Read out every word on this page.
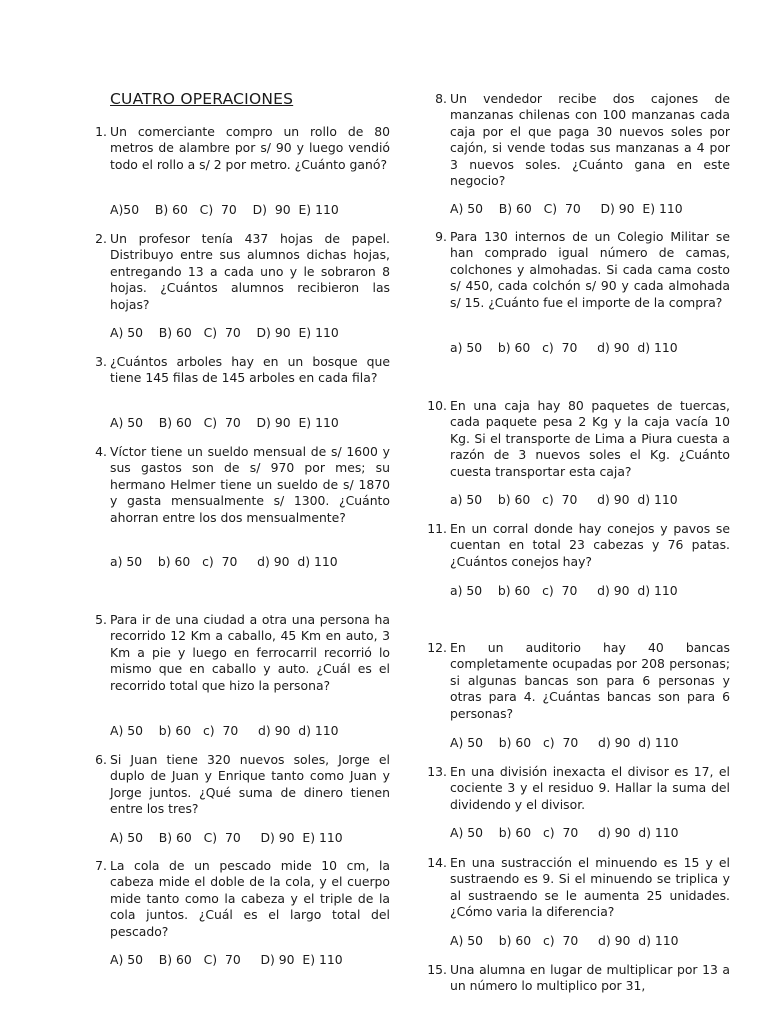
CUATRO OPERACIONES
1. Un comerciante compro un rollo de 80 metros de alambre por s/ 90 y luego vendió todo el rollo a s/ 2 por metro. ¿Cuánto ganó?
A)50    B) 60   C)  70    D)  90  E) 110
2. Un profesor tenía 437 hojas de papel. Distribuyo entre sus alumnos dichas hojas, entregando 13 a cada uno y le sobraron 8 hojas. ¿Cuántos alumnos recibieron las hojas?
A) 50    B) 60   C)  70    D) 90  E) 110
3. ¿Cuántos arboles hay en un bosque que tiene 145 filas de 145 arboles en cada fila?
A) 50    B) 60   C)  70    D) 90  E) 110
4. Víctor tiene un sueldo mensual de s/ 1600 y sus gastos son de s/ 970 por mes; su hermano Helmer tiene un sueldo de s/ 1870 y gasta mensualmente s/ 1300. ¿Cuánto ahorran entre los dos mensualmente?
a) 50    b) 60   c)  70     d) 90  d) 110
5. Para ir de una ciudad a otra una persona ha recorrido 12 Km a caballo, 45 Km en auto, 3 Km a pie y luego en ferrocarril recorrió lo mismo que en caballo y auto. ¿Cuál es el recorrido total que hizo la persona?
A) 50    b) 60   c)  70     d) 90  d) 110
6. Si Juan tiene 320 nuevos soles, Jorge el duplo de Juan y Enrique tanto como Juan y Jorge juntos. ¿Qué suma de dinero tienen entre los tres?
A) 50    B) 60   C)  70     D) 90  E) 110
7. La cola de un pescado mide 10 cm, la cabeza mide el doble de la cola, y el cuerpo mide tanto como la cabeza y el triple de la cola juntos. ¿Cuál es el largo total del pescado?
A) 50    B) 60   C)  70     D) 90  E) 110
8. Un vendedor recibe dos cajones de manzanas chilenas con 100 manzanas cada caja por el que paga 30 nuevos soles por cajón, si vende todas sus manzanas a 4 por 3 nuevos soles. ¿Cuánto gana en este negocio?
A) 50    B) 60   C)  70     D) 90  E) 110
9. Para 130 internos de un Colegio Militar se han comprado igual número de camas, colchones y almohadas. Si cada cama costo s/ 450, cada colchón s/ 90 y cada almohada s/ 15. ¿Cuánto fue el importe de la compra?
a) 50    b) 60   c)  70     d) 90  d) 110
10. En una caja hay 80 paquetes de tuercas, cada paquete pesa 2 Kg y la caja vacía 10 Kg. Si el transporte de Lima a Piura cuesta a razón de 3 nuevos soles el Kg. ¿Cuánto cuesta transportar esta caja?
a) 50    b) 60   c)  70     d) 90  d) 110
11. En un corral donde hay conejos y pavos se cuentan en total 23 cabezas y 76 patas. ¿Cuántos conejos hay?
a) 50    b) 60   c)  70     d) 90  d) 110
12. En un auditorio hay 40 bancas completamente ocupadas por 208 personas; si algunas bancas son para 6 personas y otras para 4. ¿Cuántas bancas son para 6 personas?
A) 50    b) 60   c)  70     d) 90  d) 110
13. En una división inexacta el divisor es 17, el cociente 3 y el residuo 9. Hallar la suma del dividendo y el divisor.
A) 50    b) 60   c)  70     d) 90  d) 110
14. En una sustracción el minuendo es 15 y el sustraendo es 9. Si el minuendo se triplica y al sustraendo se le aumenta 25 unidades. ¿Cómo varia la diferencia?
A) 50    b) 60   c)  70     d) 90  d) 110
15. Una alumna en lugar de multiplicar por 13 a un número lo multiplico por 31,
